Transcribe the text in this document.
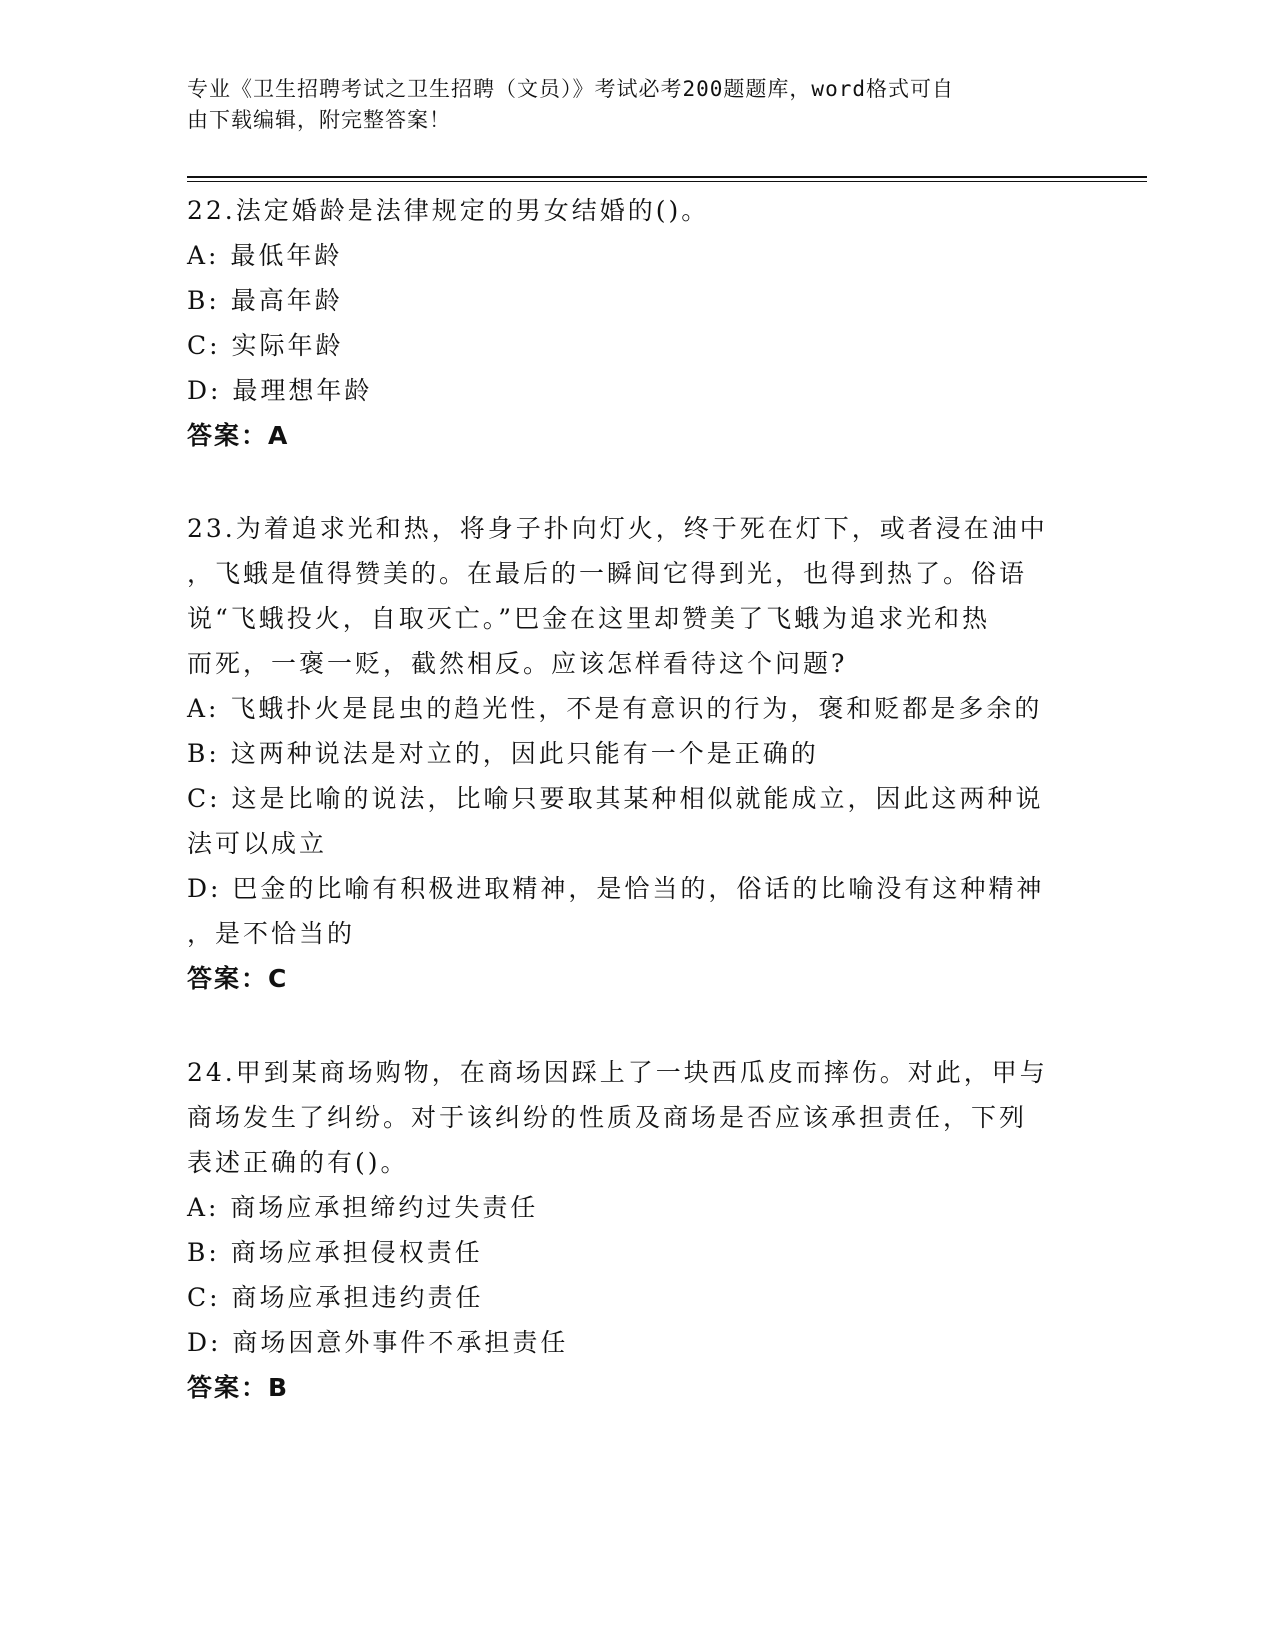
专业《卫生招聘考试之卫生招聘（文员）》考试必考200题题库，word格式可自
由下载编辑，附完整答案！
22.法定婚龄是法律规定的男女结婚的()。
A: 最低年龄
B: 最高年龄
C: 实际年龄
D: 最理想年龄
答案：A
23.为着追求光和热，将身子扑向灯火，终于死在灯下，或者浸在油中
，飞蛾是值得赞美的。在最后的一瞬间它得到光，也得到热了。俗语
说“飞蛾投火，自取灭亡。”巴金在这里却赞美了飞蛾为追求光和热
而死，一褒一贬，截然相反。应该怎样看待这个问题?
A: 飞蛾扑火是昆虫的趋光性，不是有意识的行为，褒和贬都是多余的
B: 这两种说法是对立的，因此只能有一个是正确的
C: 这是比喻的说法，比喻只要取其某种相似就能成立，因此这两种说
法可以成立
D: 巴金的比喻有积极进取精神，是恰当的，俗话的比喻没有这种精神
，是不恰当的
答案：C
24.甲到某商场购物，在商场因踩上了一块西瓜皮而摔伤。对此，甲与
商场发生了纠纷。对于该纠纷的性质及商场是否应该承担责任，下列
表述正确的有()。
A: 商场应承担缔约过失责任
B: 商场应承担侵权责任
C: 商场应承担违约责任
D: 商场因意外事件不承担责任
答案：B
